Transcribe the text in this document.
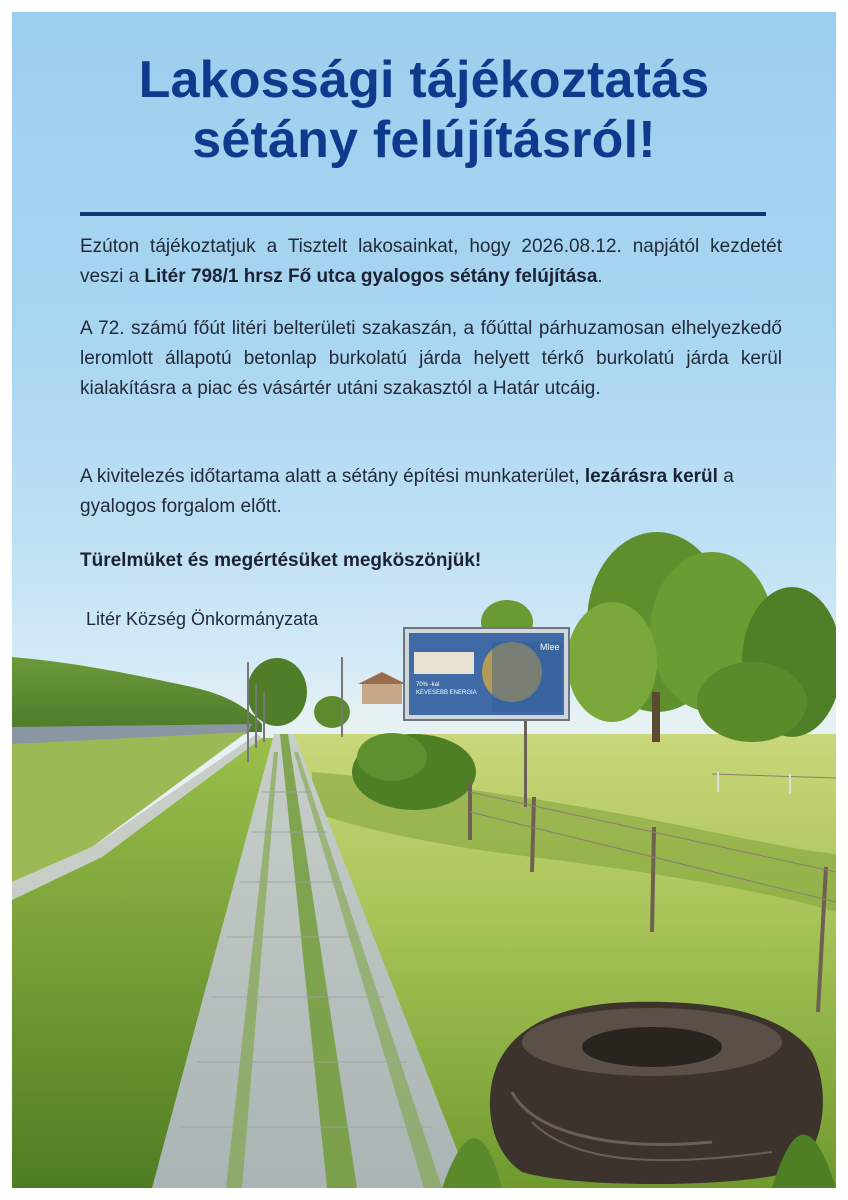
Mlee
70% -kal
KEVESEBB ENERGIA
Lakossági tájékoztatás
sétány felújításról!
Ezúton tájékoztatjuk a Tisztelt lakosainkat, hogy 2026.08.12. napjától kezdetét veszi a Litér 798/1 hrsz Fő utca gyalogos sétány felújítása.
A 72. számú főút litéri belterületi szakaszán, a főúttal párhuzamosan elhelyezkedő leromlott állapotú betonlap burkolatú járda helyett térkő burkolatú járda kerül kialakításra a piac és vásártér utáni szakasztól a Határ utcáig.
A kivitelezés időtartama alatt a sétány építési munkaterület, lezárásra kerül a gyalogos forgalom előtt.
Türelmüket és megértésüket megköszönjük!
Litér Község Önkormányzata
